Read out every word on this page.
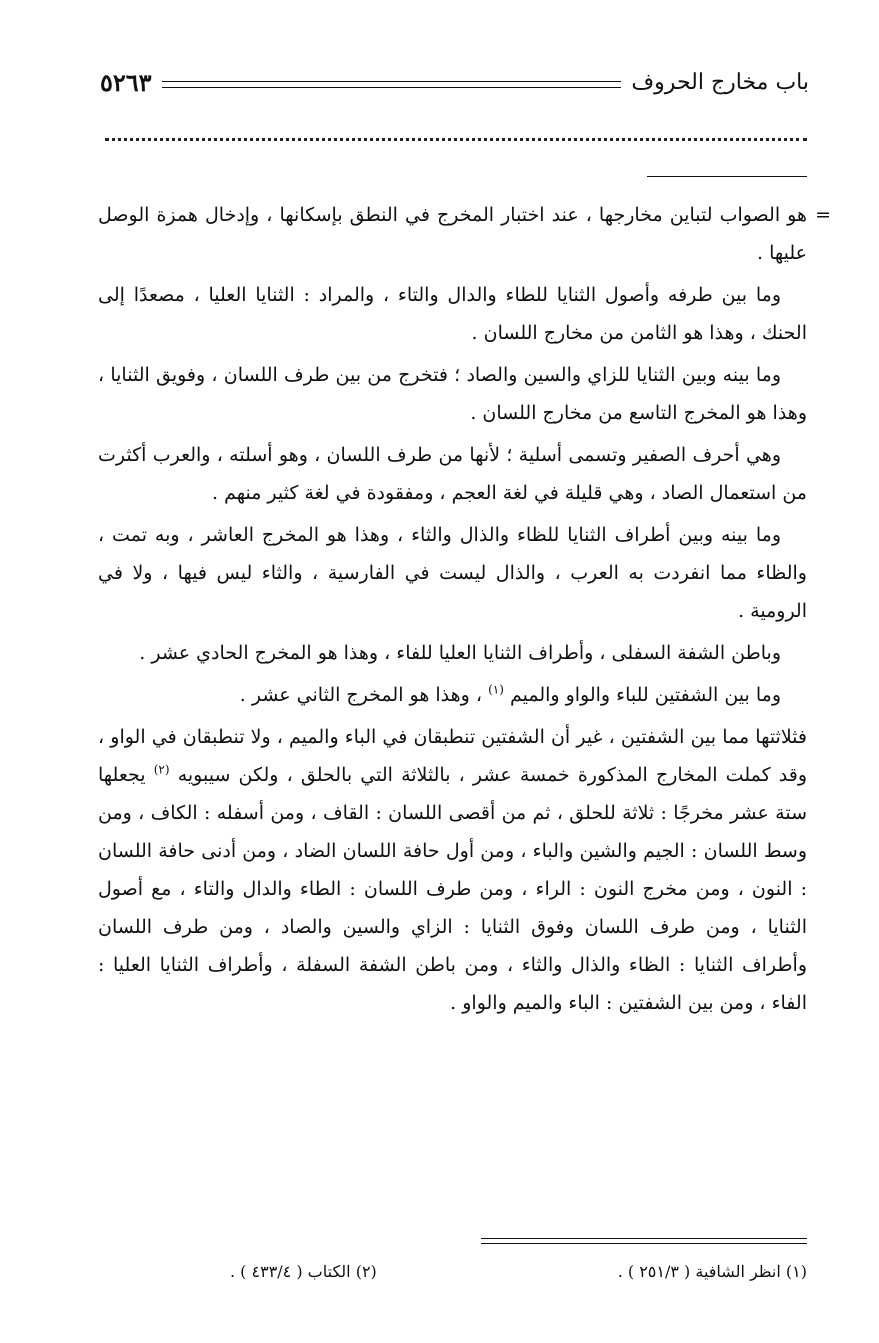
باب مخارج الحروف
٥٢٦٣

=
هو الصواب لتباين مخارجها ، عند اختبار المخرج في النطق بإسكانها ، وإدخال همزة الوصل عليها .

وما بين طرفه وأصول الثنايا للطاء والدال والتاء ، والمراد : الثنايا العليا ، مصعدًا إلى الحنك ، وهذا هو الثامن من مخارج اللسان .

وما بينه وبين الثنايا للزاي والسين والصاد ؛ فتخرج من بين طرف اللسان ، وفويق الثنايا ، وهذا هو المخرج التاسع من مخارج اللسان .

وهي أحرف الصفير وتسمى أسلية ؛ لأنها من طرف اللسان ، وهو أسلته ، والعرب أكثرت من استعمال الصاد ، وهي قليلة في لغة العجم ، ومفقودة في لغة كثير منهم .

وما بينه وبين أطراف الثنايا للظاء والذال والثاء ، وهذا هو المخرج العاشر ، وبه تمت ، والظاء مما انفردت به العرب ، والذال ليست في الفارسية ، والثاء ليس فيها ، ولا في الرومية .

وباطن الشفة السفلى ، وأطراف الثنايا العليا للفاء ، وهذا هو المخرج الحادي عشر .

وما بين الشفتين للباء والواو والميم $^{(١)}$ ، وهذا هو المخرج الثاني عشر .

فثلاثتها مما بين الشفتين ، غير أن الشفتين تنطبقان في الباء والميم ، ولا تنطبقان في الواو ، وقد كملت المخارج المذكورة خمسة عشر ، بالثلاثة التي بالحلق ، ولكن سيبويه $^{(٢)}$ يجعلها ستة عشر مخرجًا : ثلاثة للحلق ، ثم من أقصى اللسان : القاف ، ومن أسفله : الكاف ، ومن وسط اللسان : الجيم والشين والباء ، ومن أول حافة اللسان الضاد ، ومن أدنى حافة اللسان : النون ، ومن مخرج النون : الراء ، ومن طرف اللسان : الطاء والدال والتاء ، مع أصول الثنايا ، ومن طرف اللسان وفوق الثنايا : الزاي والسين والصاد ، ومن طرف اللسان وأطراف الثنايا : الظاء والذال والثاء ، ومن باطن الشفة السفلة ، وأطراف الثنايا العليا : الفاء ، ومن بين الشفتين : الباء والميم والواو .

(١) انظر الشافية ( ٢٥١/٣ ) .
(٢) الكتاب ( ٤٣٣/٤ ) .
